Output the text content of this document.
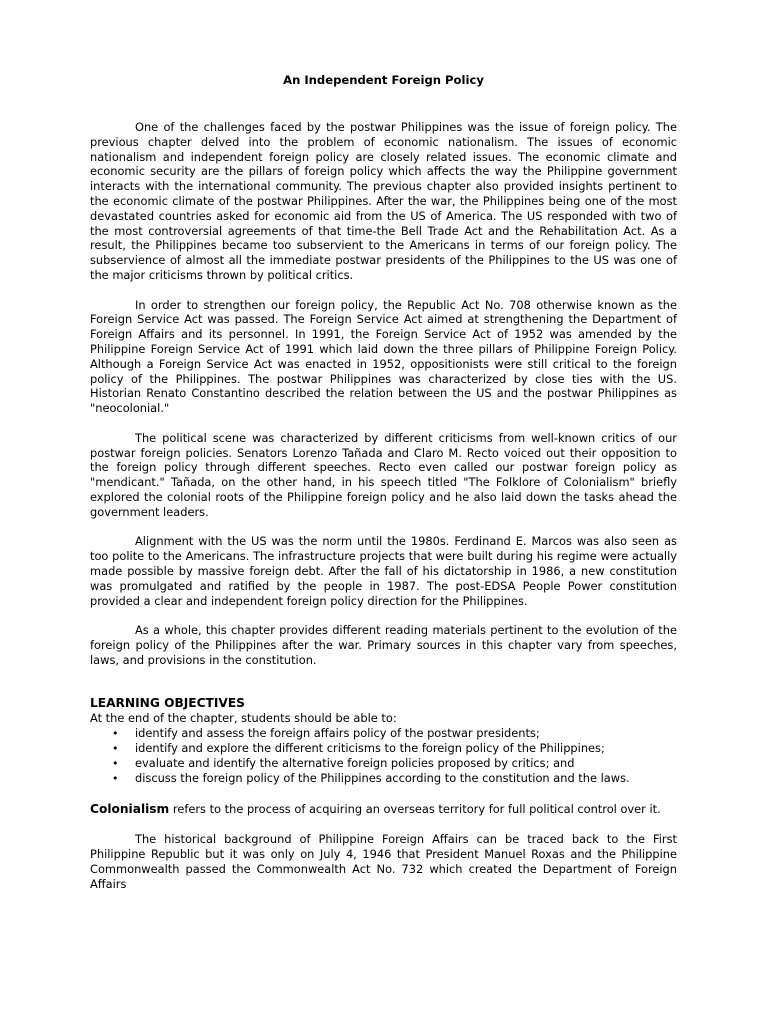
An Independent Foreign Policy

One of the challenges faced by the postwar Philippines was the issue of foreign policy. The previous chapter delved into the problem of economic nationalism. The issues of economic nationalism and independent foreign policy are closely related issues. The economic climate and economic security are the pillars of foreign policy which affects the way the Philippine government interacts with the international community. The previous chapter also provided insights pertinent to the economic climate of the postwar Philippines. After the war, the Philippines being one of the most devastated countries asked for economic aid from the US of America. The US responded with two of the most controversial agreements of that time-the Bell Trade Act and the Rehabilitation Act. As a result, the Philippines became too subservient to the Americans in terms of our foreign policy. The subservience of almost all the immediate postwar presidents of the Philippines to the US was one of the major criticisms thrown by political critics.

In order to strengthen our foreign policy, the Republic Act No. 708 otherwise known as the Foreign Service Act was passed. The Foreign Service Act aimed at strengthening the Department of Foreign Affairs and its personnel. In 1991, the Foreign Service Act of 1952 was amended by the Philippine Foreign Service Act of 1991 which laid down the three pillars of Philippine Foreign Policy. Although a Foreign Service Act was enacted in 1952, oppositionists were still critical to the foreign policy of the Philippines. The postwar Philippines was characterized by close ties with the US. Historian Renato Constantino described the relation between the US and the postwar Philippines as "neocolonial."

The political scene was characterized by different criticisms from well-known critics of our postwar foreign policies. Senators Lorenzo Tañada and Claro M. Recto voiced out their opposition to the foreign policy through different speeches. Recto even called our postwar foreign policy as "mendicant." Tañada, on the other hand, in his speech titled "The Folklore of Colonialism" briefly explored the colonial roots of the Philippine foreign policy and he also laid down the tasks ahead the government leaders.

Alignment with the US was the norm until the 1980s. Ferdinand E. Marcos was also seen as too polite to the Americans. The infrastructure projects that were built during his regime were actually made possible by massive foreign debt. After the fall of his dictatorship in 1986, a new constitution was promulgated and ratified by the people in 1987. The post-EDSA People Power constitution provided a clear and independent foreign policy direction for the Philippines.

As a whole, this chapter provides different reading materials pertinent to the evolution of the foreign policy of the Philippines after the war. Primary sources in this chapter vary from speeches, laws, and provisions in the constitution.

LEARNING OBJECTIVES

At the end of the chapter, students should be able to:

• identify and assess the foreign affairs policy of the postwar presidents;
• identify and explore the different criticisms to the foreign policy of the Philippines;
• evaluate and identify the alternative foreign policies proposed by critics; and
• discuss the foreign policy of the Philippines according to the constitution and the laws.

Colonialism refers to the process of acquiring an overseas territory for full political control over it.

The historical background of Philippine Foreign Affairs can be traced back to the First Philippine Republic but it was only on July 4, 1946 that President Manuel Roxas and the Philippine Commonwealth passed the Commonwealth Act No. 732 which created the Department of Foreign Affairs
